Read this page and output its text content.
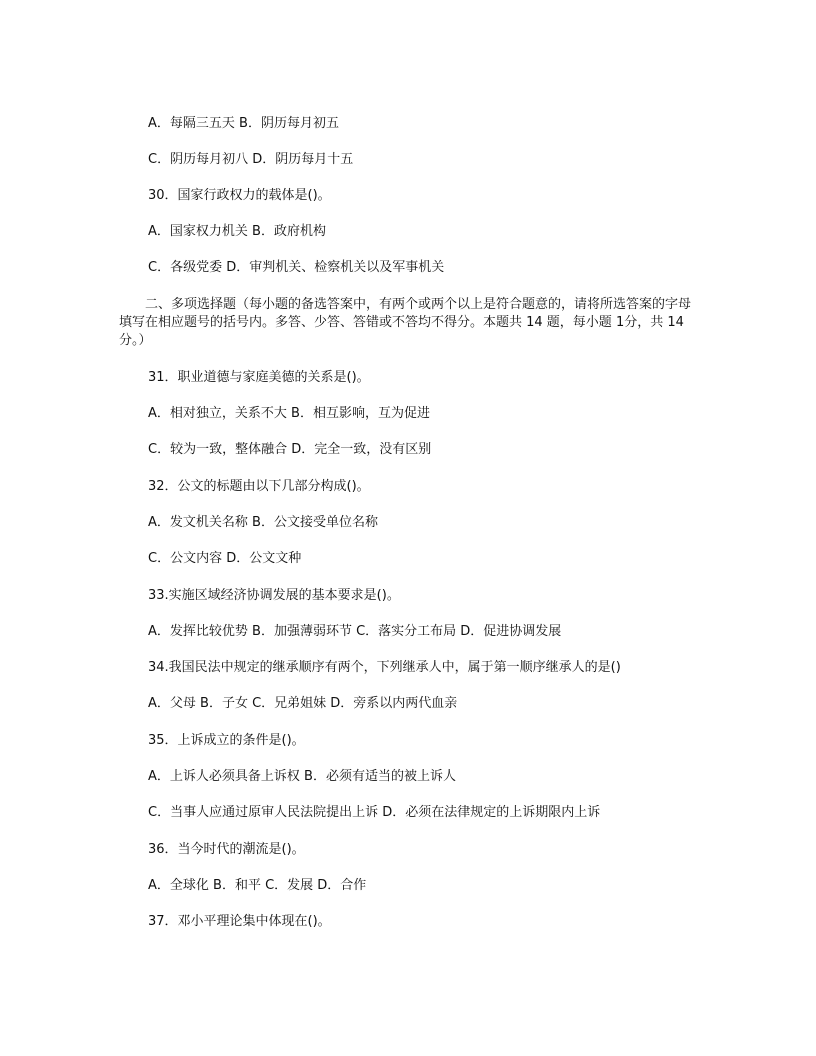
A．每隔三五天 B．阴历每月初五
C．阴历每月初八 D．阴历每月十五
30．国家行政权力的载体是()。
A．国家权力机关 B．政府机构
C．各级党委 D．审判机关、检察机关以及军事机关
二、多项选择题（每小题的备选答案中，有两个或两个以上是符合题意的，请将所选答案的字母填写在相应题号的括号内。多答、少答、答错或不答均不得分。本题共 14 题，每小题 1分，共 14分。）
31．职业道德与家庭美德的关系是()。
A．相对独立，关系不大 B．相互影响，互为促进
C．较为一致，整体融合 D．完全一致，没有区别
32．公文的标题由以下几部分构成()。
A．发文机关名称 B．公文接受单位名称
C．公文内容 D．公文文种
33.实施区域经济协调发展的基本要求是()。
A．发挥比较优势 B．加强薄弱环节 C．落实分工布局 D．促进协调发展
34.我国民法中规定的继承顺序有两个，下列继承人中，属于第一顺序继承人的是()
A．父母 B．子女 C．兄弟姐妹 D．旁系以内两代血亲
35．上诉成立的条件是()。
A．上诉人必须具备上诉权 B．必须有适当的被上诉人
C．当事人应通过原审人民法院提出上诉 D．必须在法律规定的上诉期限内上诉
36．当今时代的潮流是()。
A．全球化 B．和平 C．发展 D．合作
37．邓小平理论集中体现在()。
